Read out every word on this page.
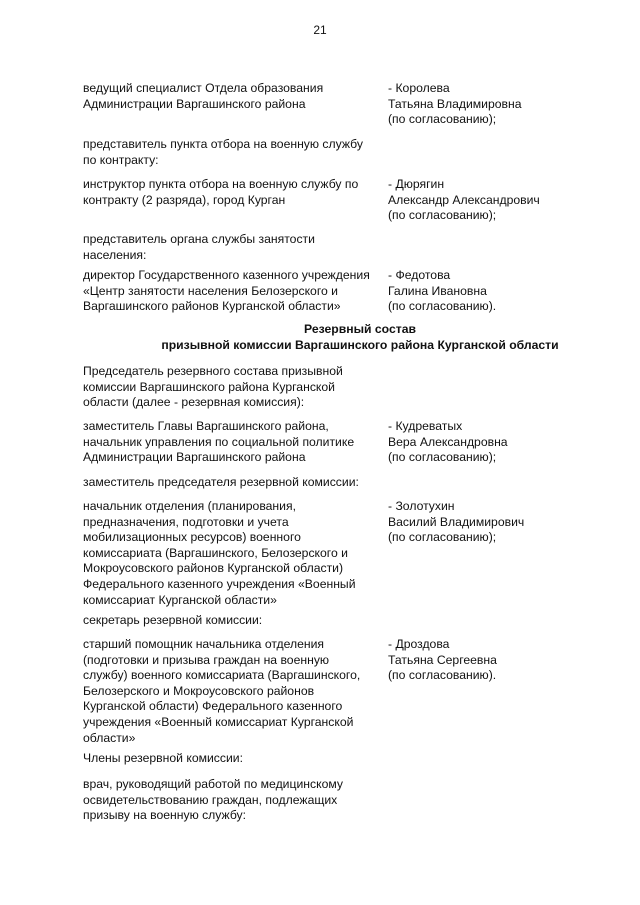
21
ведущий специалист Отдела образования
Администрации Варгашинского района
- Королева
Татьяна Владимировна
(по согласованию);
представитель пункта отбора на военную службу
по контракту:
инструктор пункта отбора на военную службу по
контракту (2 разряда), город Курган
- Дюрягин
Александр Александрович
(по согласованию);
представитель органа службы занятости
населения:
директор Государственного казенного учреждения
«Центр занятости населения Белозерского и
Варгашинского районов Курганской области»
- Федотова
Галина Ивановна
(по согласованию).
Резервный состав
призывной комиссии Варгашинского района Курганской области
Председатель резервного состава призывной
комиссии Варгашинского района Курганской
области (далее - резервная комиссия):
заместитель Главы Варгашинского района,
начальник управления по социальной политике
Администрации Варгашинского района
- Кудреватых
Вера Александровна
(по согласованию);
заместитель председателя резервной комиссии:
начальник отделения (планирования,
предназначения, подготовки и учета
мобилизационных ресурсов) военного
комиссариата (Варгашинского, Белозерского и
Мокроусовского районов Курганской области)
Федерального казенного учреждения «Военный
комиссариат Курганской области»
- Золотухин
Василий Владимирович
(по согласованию);
секретарь резервной комиссии:
старший помощник начальника отделения
(подготовки и призыва граждан на военную
службу) военного комиссариата (Варгашинского,
Белозерского и Мокроусовского районов
Курганской области) Федерального казенного
учреждения «Военный комиссариат Курганской
области»
- Дроздова
Татьяна Сергеевна
(по согласованию).
Члены резервной комиссии:
врач, руководящий работой по медицинскому
освидетельствованию граждан, подлежащих
призыву на военную службу:
